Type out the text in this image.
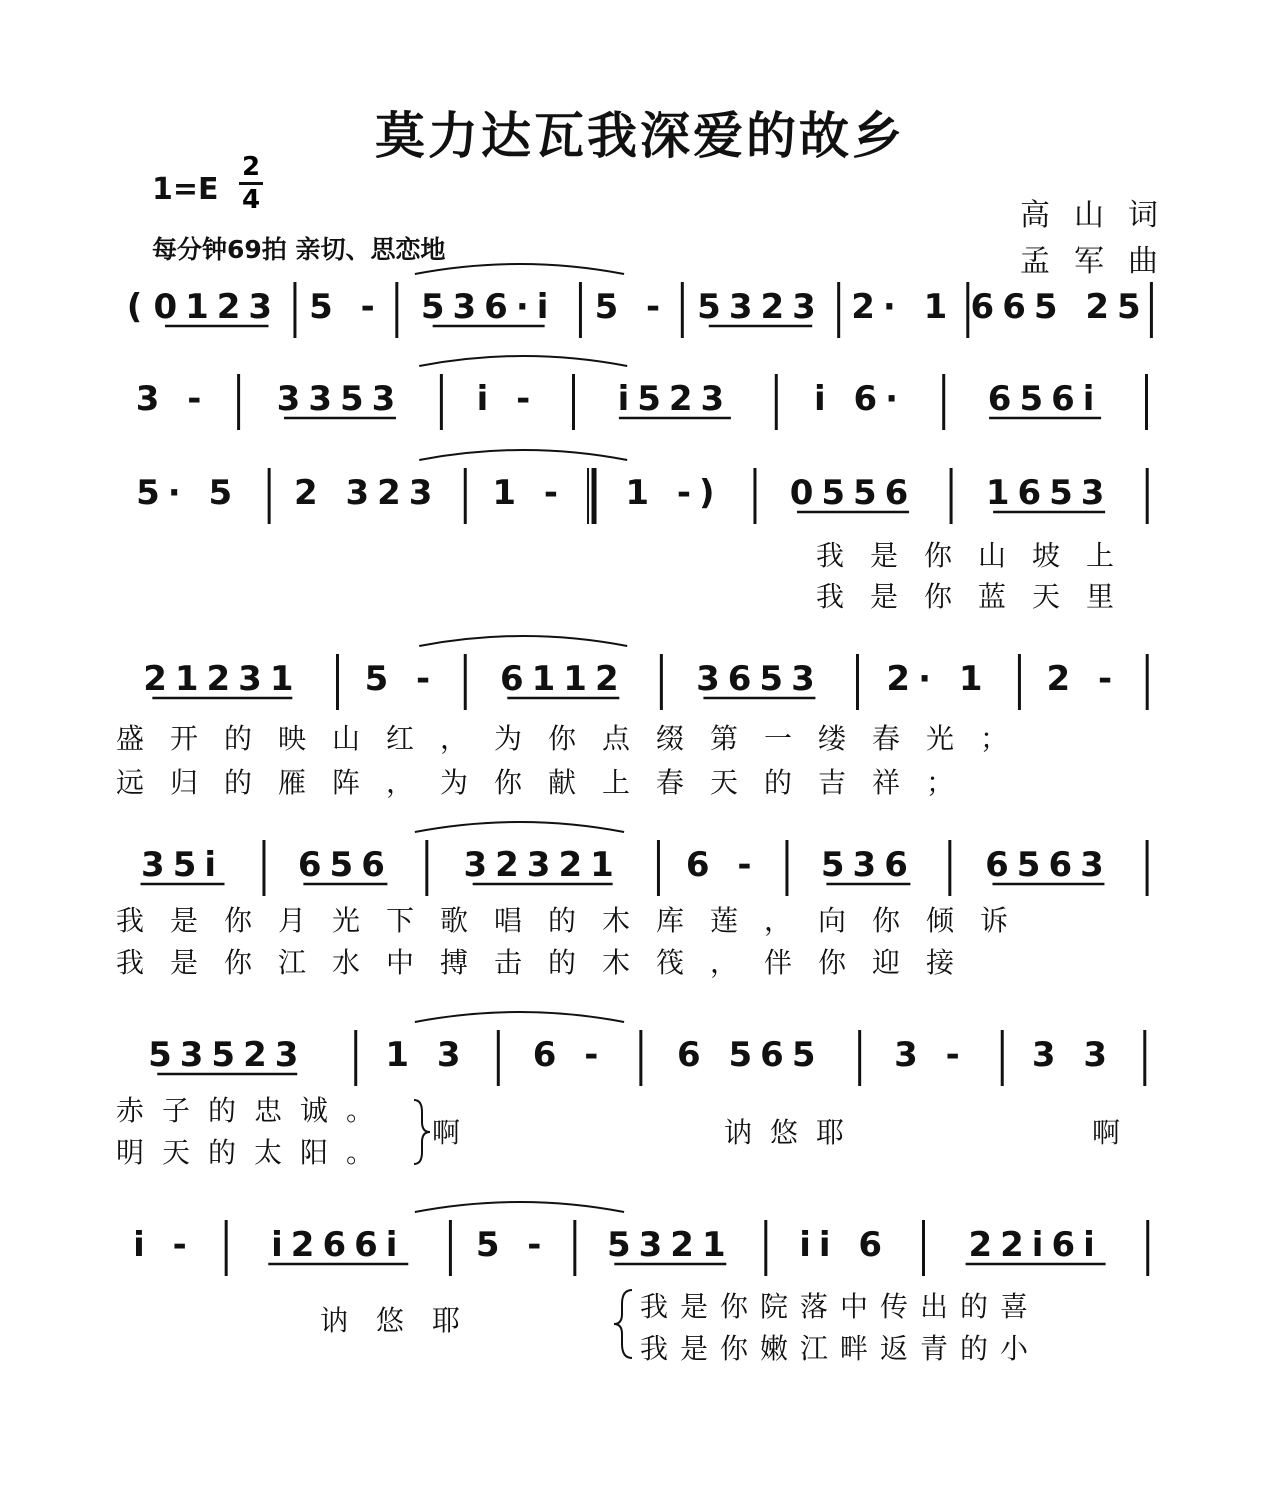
莫力达瓦我深爱的故乡
1=E
2
4
每分钟69拍 亲切、思恋地
高山词
孟军曲
( 0123 5 - 536·i 5 - 5323 2· 1 665 25
3 - 3353 i - i523 i 6· 656i
5· 5 2 323 1 - 1 -) 0556 1653
我是你山坡上
我是你蓝天里
21231 5 - 6112 3653 2· 1 2 -
盛开的映山红，为你点缀第一缕春光；
远归的雁阵，为你献上春天的吉祥；
35i 656 32321 6 - 536 6563
我是你月光下歌唱的木库莲，向你倾诉
我是你江水中搏击的木筏，伴你迎接
53523 1 3 6 - 6 565 3 - 3 3
赤子的忠诚。
明天的太阳。
啊	讷悠耶	啊
i - i266i 5 - 5321 ii 6 22i6i
讷悠耶	我是你院落中传出的喜
我是你嫩江畔返青的小
